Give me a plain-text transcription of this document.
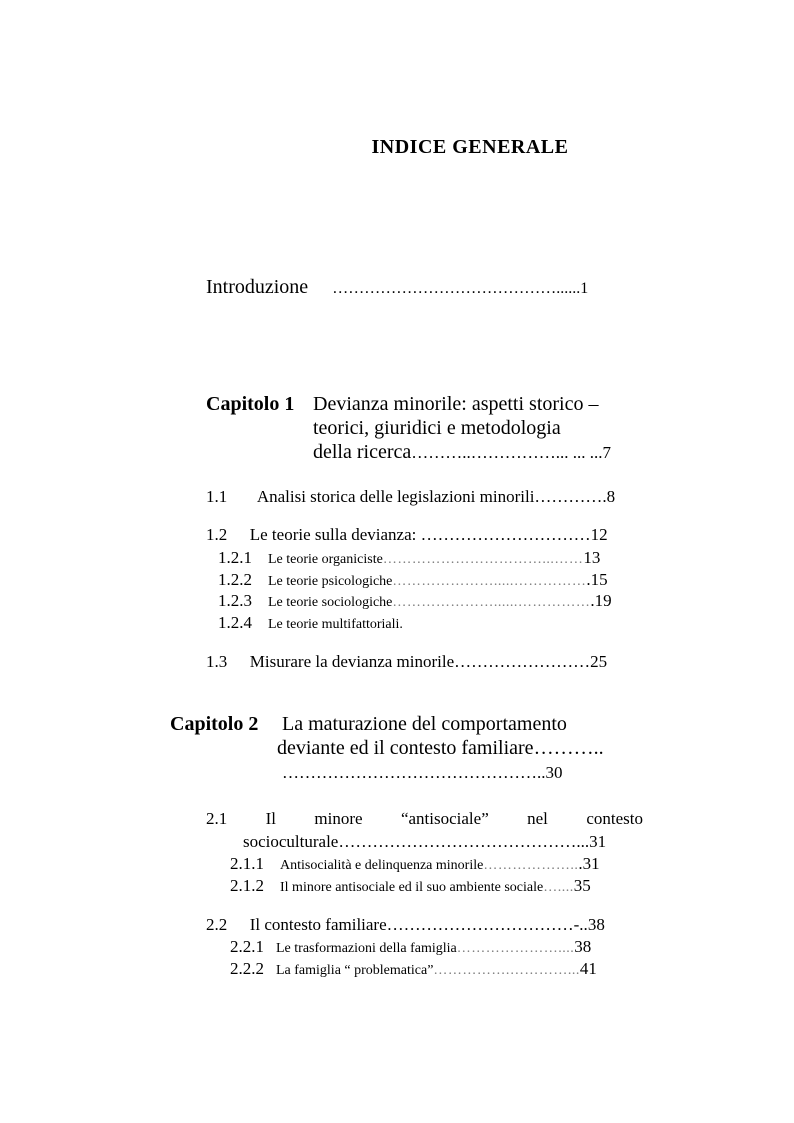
INDICE GENERALE
Introduzione ……………………………………......1
Capitolo 1 Devianza minorile: aspetti storico –
teorici, giuridici e metodologia
della ricerca………..……………... ... ...7
1.1 Analisi storica delle legislazioni minorili………….8
1.2 Le teorie sulla devianza: …………………………12
1.2.1 Le teorie organiciste……………………………...……13
1.2.2 Le teorie psicologiche………………….....…………….15
1.2.3 Le teorie sociologiche…………………......…………….19
1.2.4 Le teorie multifattoriali.
1.3 Misurare la devianza minorile……………………25
Capitolo 2 La maturazione del comportamento
deviante ed il contesto familiare………..
………………………………………..30
2.1 Il minore “antisociale” nel contesto
socioculturale……………………………………...31
2.1.1 Antisocialità e delinquenza minorile………………...31
2.1.2 Il minore antisociale ed il suo ambiente sociale…....35
2.2 Il contesto familiare……………………………-..38
2.2.1 Le trasformazioni della famiglia…………………....38
2.2.2 La famiglia “ problematica”…………….…………...41
